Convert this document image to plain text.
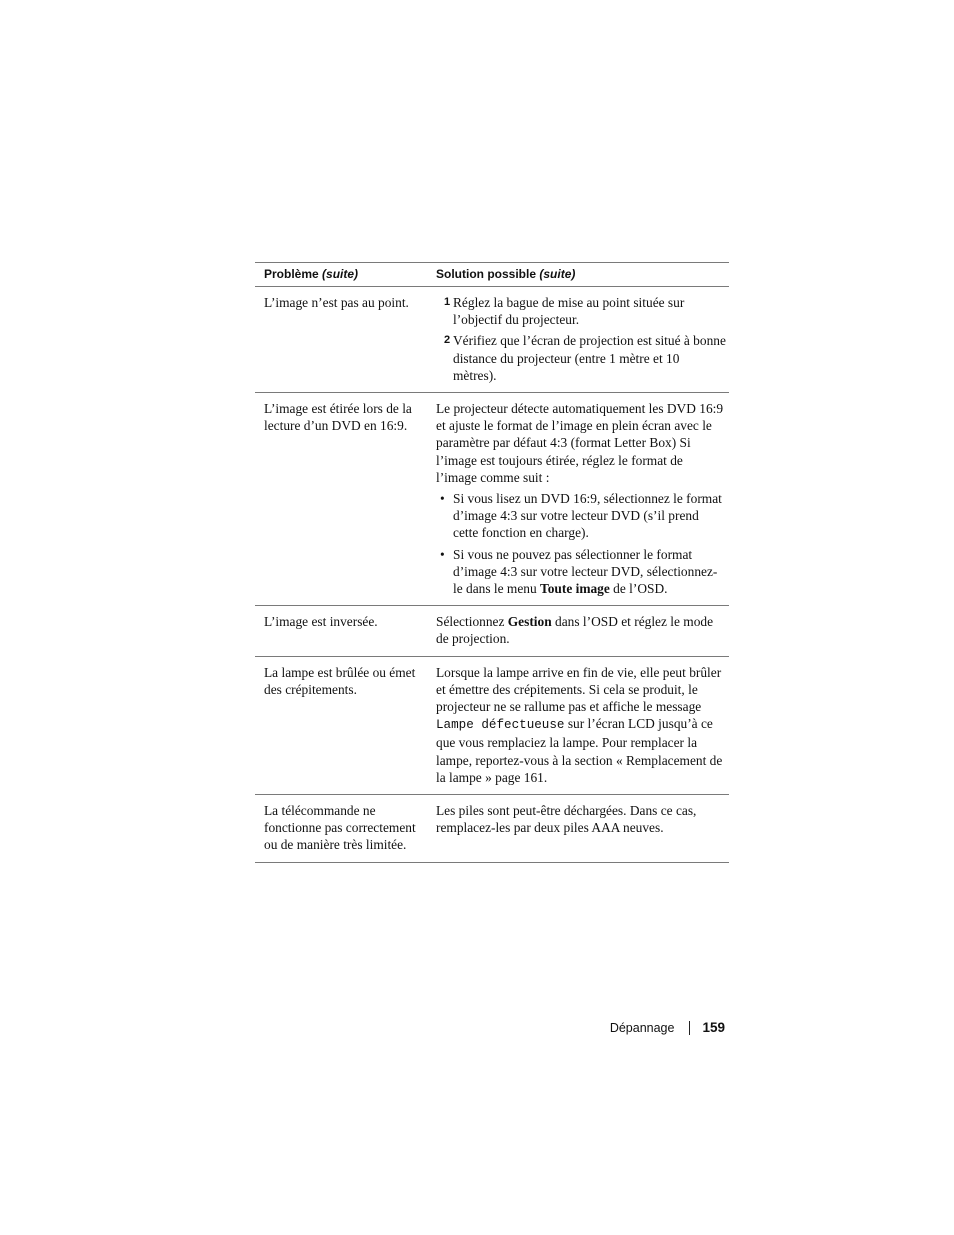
Problème (suite)	Solution possible (suite)
L’image n’est pas au point.	1 Réglez la bague de mise au point située sur l’objectif du projecteur.
2 Vérifiez que l’écran de projection est situé à bonne distance du projecteur (entre 1 mètre et 10 mètres).

L’image est étirée lors de la lecture d’un DVD en 16:9.	Le projecteur détecte automatiquement les DVD 16:9 et ajuste le format de l’image en plein écran avec le paramètre par défaut 4:3 (format Letter Box) Si l’image est toujours étirée, réglez le format de l’image comme suit :
• Si vous lisez un DVD 16:9, sélectionnez le format d’image 4:3 sur votre lecteur DVD (s’il prend cette fonction en charge).
• Si vous ne pouvez pas sélectionner le format d’image 4:3 sur votre lecteur DVD, sélectionnez-le dans le menu Toute image de l’OSD.

L’image est inversée.	Sélectionnez Gestion dans l’OSD et réglez le mode de projection.
La lampe est brûlée ou émet des crépitements.	Lorsque la lampe arrive en fin de vie, elle peut brûler et émettre des crépitements. Si cela se produit, le projecteur ne se rallume pas et affiche le message Lampe défectueuse sur l’écran LCD jusqu’à ce que vous remplaciez la lampe. Pour remplacer la lampe, reportez-vous à la section « Remplacement de la lampe » page 161.
La télécommande ne fonctionne pas correctement ou de manière très limitée.	Les piles sont peut-être déchargées. Dans ce cas, remplacez-les par deux piles AAA neuves.
Dépannage 159
